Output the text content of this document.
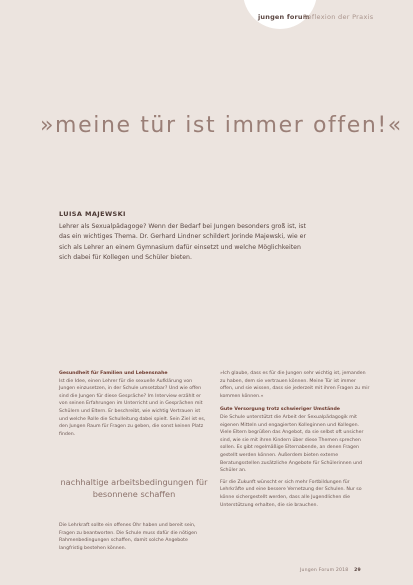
jungen forum
Reflexion der Praxis
»meine tür ist immer offen!«
LUISA MAJEWSKI

Lehrer als Sexualpädagoge? Wenn der Bedarf bei Jungen besonders groß ist, ist das ein wichtiges Thema. Dr. Gerhard Lindner schildert Jorinde Majewski, wie er sich als Lehrer an einem Gymnasium dafür einsetzt und welche Möglichkeiten sich dabei für Kollegen und Schüler bieten.

Gesundheit für Familien und Lebensnahe

Ist die Idee, einen Lehrer für die sexuelle Aufklärung von Jungen einzusetzen, in der Schule umsetzbar? Und wie offen sind die Jungen für diese Gespräche? Im Interview erzählt er von seinen Erfahrungen im Unterricht und in Gesprächen mit Schülern und Eltern. Er beschreibt, wie wichtig Vertrauen ist und welche Rolle die Schulleitung dabei spielt. Sein Ziel ist es, den Jungen Raum für Fragen zu geben, die sonst keinen Platz finden.

nachhaltige arbeitsbedingungen für besonnene schaffen

Die Lehrkraft sollte ein offenes Ohr haben und bereit sein, Fragen zu beantworten. Die Schule muss dafür die nötigen Rahmenbedingungen schaffen, damit solche Angebote langfristig bestehen können.

»Ich glaube, dass es für die Jungen sehr wichtig ist, jemanden zu haben, dem sie vertrauen können. Meine Tür ist immer offen, und sie wissen, dass sie jederzeit mit ihren Fragen zu mir kommen können.«

Gute Versorgung trotz schwieriger Umstände

Die Schule unterstützt die Arbeit der Sexualpädagogik mit eigenen Mitteln und engagierten Kolleginnen und Kollegen. Viele Eltern begrüßen das Angebot, da sie selbst oft unsicher sind, wie sie mit ihren Kindern über diese Themen sprechen sollen. Es gibt regelmäßige Elternabende, an denen Fragen gestellt werden können. Außerdem bieten externe Beratungsstellen zusätzliche Angebote für Schülerinnen und Schüler an.

Für die Zukunft wünscht er sich mehr Fortbildungen für Lehrkräfte und eine bessere Vernetzung der Schulen. Nur so könne sichergestellt werden, dass alle Jugendlichen die Unterstützung erhalten, die sie brauchen.

Jungen Forum 2018 29
